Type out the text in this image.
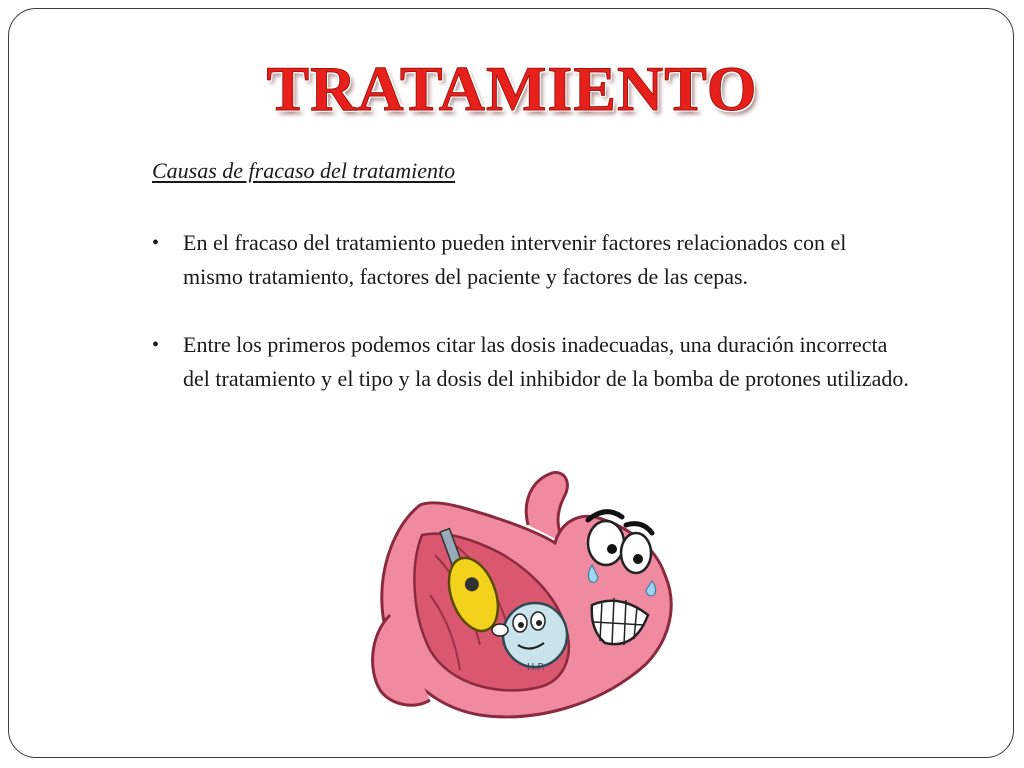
TRATAMIENTO
Causas de fracaso del tratamiento
• En el fracaso del tratamiento pueden intervenir factores relacionados con el mismo tratamiento, factores del paciente y factores de las cepas.
• Entre los primeros podemos citar las dosis inadecuadas, una duración incorrecta del tratamiento y el tipo y la dosis del inhibidor de la bomba de protones utilizado.
H.P.
